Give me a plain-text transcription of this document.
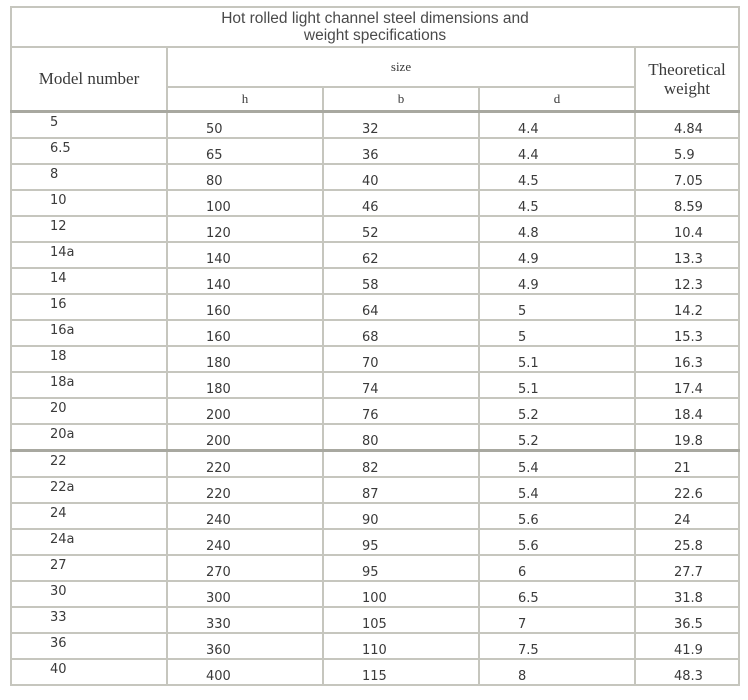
Hot rolled light channel steel dimensions and
weight specifications				
Model number	size			Theoretical
weight
	h	b	d	
5	50	32	4.4	4.84
6.5	65	36	4.4	5.9
8	80	40	4.5	7.05
10	100	46	4.5	8.59
12	120	52	4.8	10.4
14a	140	62	4.9	13.3
14	140	58	4.9	12.3
16	160	64	5	14.2
16a	160	68	5	15.3
18	180	70	5.1	16.3
18a	180	74	5.1	17.4
20	200	76	5.2	18.4
20a	200	80	5.2	19.8
22	220	82	5.4	21
22a	220	87	5.4	22.6
24	240	90	5.6	24
24a	240	95	5.6	25.8
27	270	95	6	27.7
30	300	100	6.5	31.8
33	330	105	7	36.5
36	360	110	7.5	41.9
40	400	115	8	48.3
